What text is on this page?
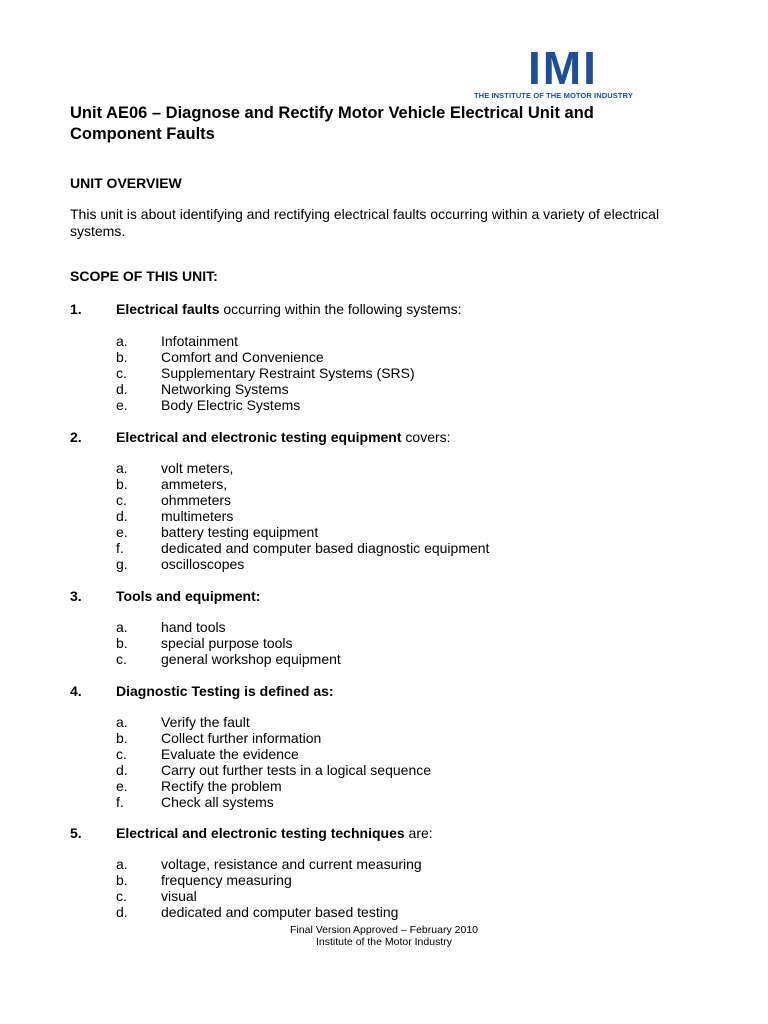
IMI
THE INSTITUTE OF THE MOTOR INDUSTRY
Unit AE06 – Diagnose and Rectify Motor Vehicle Electrical Unit and Component Faults
UNIT OVERVIEW
This unit is about identifying and rectifying electrical faults occurring within a variety of electrical systems.
SCOPE OF THIS UNIT:
1. Electrical faults occurring within the following systems:
a. Infotainment
b. Comfort and Convenience
c. Supplementary Restraint Systems (SRS)
d. Networking Systems
e. Body Electric Systems
2. Electrical and electronic testing equipment covers:
a. volt meters,
b. ammeters,
c. ohmmeters
d. multimeters
e. battery testing equipment
f.	dedicated and computer based diagnostic equipment
g. oscilloscopes
3. Tools and equipment:
a. hand tools
b. special purpose tools
c. general workshop equipment
4. Diagnostic Testing is defined as:
a. Verify the fault
b. Collect further information
c. Evaluate the evidence
d. Carry out further tests in a logical sequence
e. Rectify the problem
f.	Check all systems
5. Electrical and electronic testing techniques are:
a. voltage, resistance and current measuring
b. frequency measuring
c. visual
d. dedicated and computer based testing
Final Version Approved – February 2010
Institute of the Motor Industry
